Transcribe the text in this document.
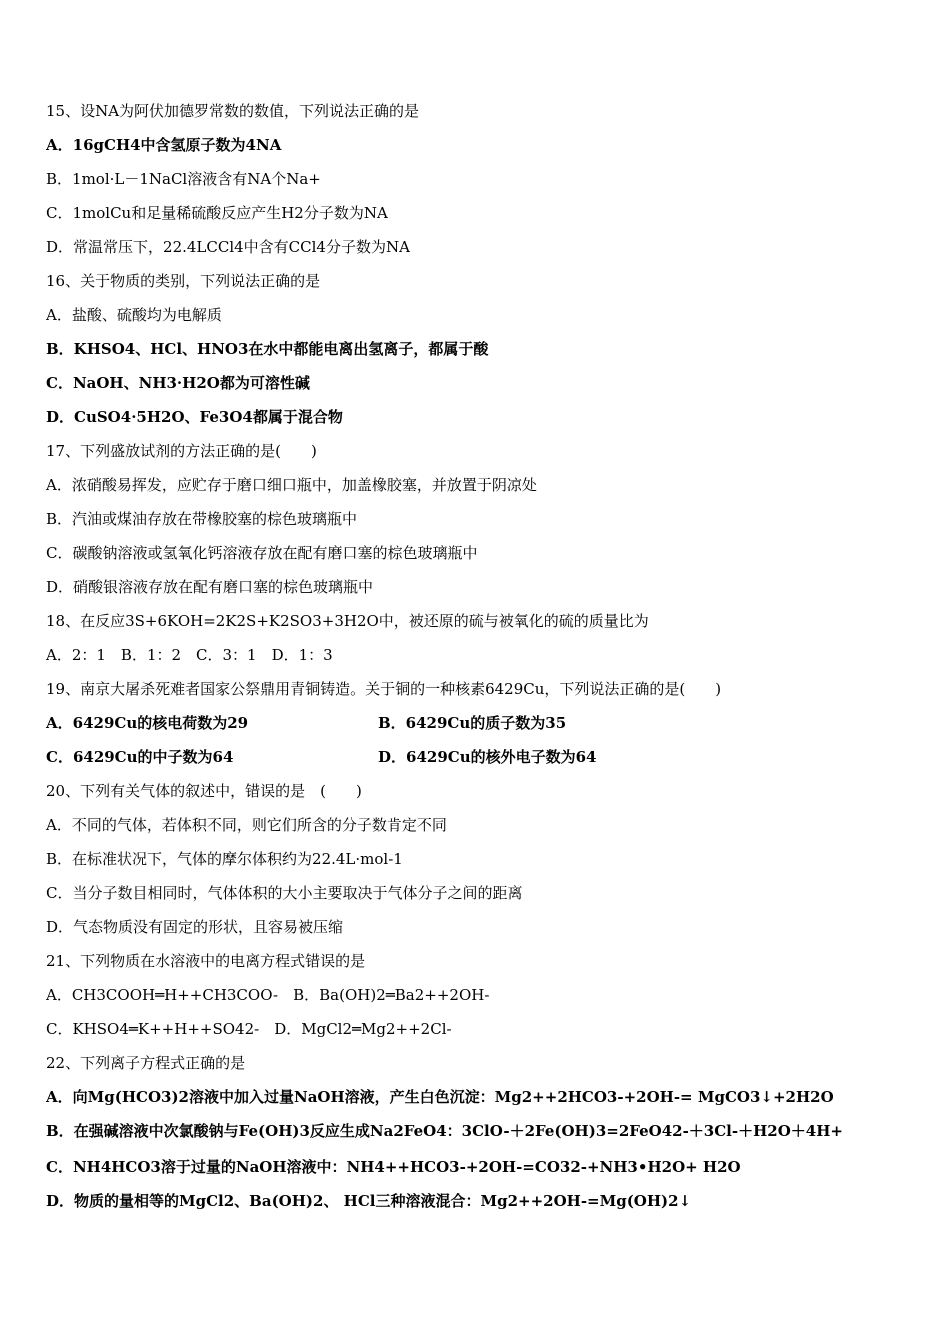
15、设NA为阿伏加德罗常数的数值，下列说法正确的是
A．16gCH4中含氢原子数为4NA
B．1mol·L－1NaCl溶液含有NA个Na+
C．1molCu和足量稀硫酸反应产生H2分子数为NA
D．常温常压下，22.4LCCl4中含有CCl4分子数为NA
16、关于物质的类别，下列说法正确的是
A．盐酸、硫酸均为电解质
B．KHSO4、HCl、HNO3在水中都能电离出氢离子，都属于酸
C．NaOH、NH3·H2O都为可溶性碱
D．CuSO4·5H2O、Fe3O4都属于混合物
17、下列盛放试剂的方法正确的是(　　)
A．浓硝酸易挥发，应贮存于磨口细口瓶中，加盖橡胶塞，并放置于阴凉处
B．汽油或煤油存放在带橡胶塞的棕色玻璃瓶中
C．碳酸钠溶液或氢氧化钙溶液存放在配有磨口塞的棕色玻璃瓶中
D．硝酸银溶液存放在配有磨口塞的棕色玻璃瓶中
18、在反应3S+6KOH=2K2S+K2SO3+3H2O中，被还原的硫与被氧化的硫的质量比为
A．2：1　B．1：2　C．3：1　D．1：3
19、南京大屠杀死难者国家公祭鼎用青铜铸造。关于铜的一种核素6429Cu，下列说法正确的是(　　)
A．6429Cu的核电荷数为29	B．6429Cu的质子数为35
C．6429Cu的中子数为64	D．6429Cu的核外电子数为64
20、下列有关气体的叙述中，错误的是　(　　)
A．不同的气体，若体积不同，则它们所含的分子数肯定不同
B．在标准状况下，气体的摩尔体积约为22.4L·mol-1
C．当分子数目相同时，气体体积的大小主要取决于气体分子之间的距离
D．气态物质没有固定的形状，且容易被压缩
21、下列物质在水溶液中的电离方程式错误的是
A．CH3COOH═H++CH3COO-　B．Ba(OH)2═Ba2++2OH-
C．KHSO4═K++H++SO42-　D．MgCl2═Mg2++2Cl-
22、下列离子方程式正确的是
A．向Mg(HCO3)2溶液中加入过量NaOH溶液，产生白色沉淀：Mg2++2HCO3-+2OH-= MgCO3↓+2H2O
B．在强碱溶液中次氯酸钠与Fe(OH)3反应生成Na2FeO4：3ClO-＋2Fe(OH)3=2FeO42-＋3Cl-＋H2O＋4H+
C．NH4HCO3溶于过量的NaOH溶液中：NH4++HCO3-+2OH-=CO32-+NH3•H2O+ H2O
D．物质的量相等的MgCl2、Ba(OH)2、 HCl三种溶液混合：Mg2++2OH-=Mg(OH)2↓
